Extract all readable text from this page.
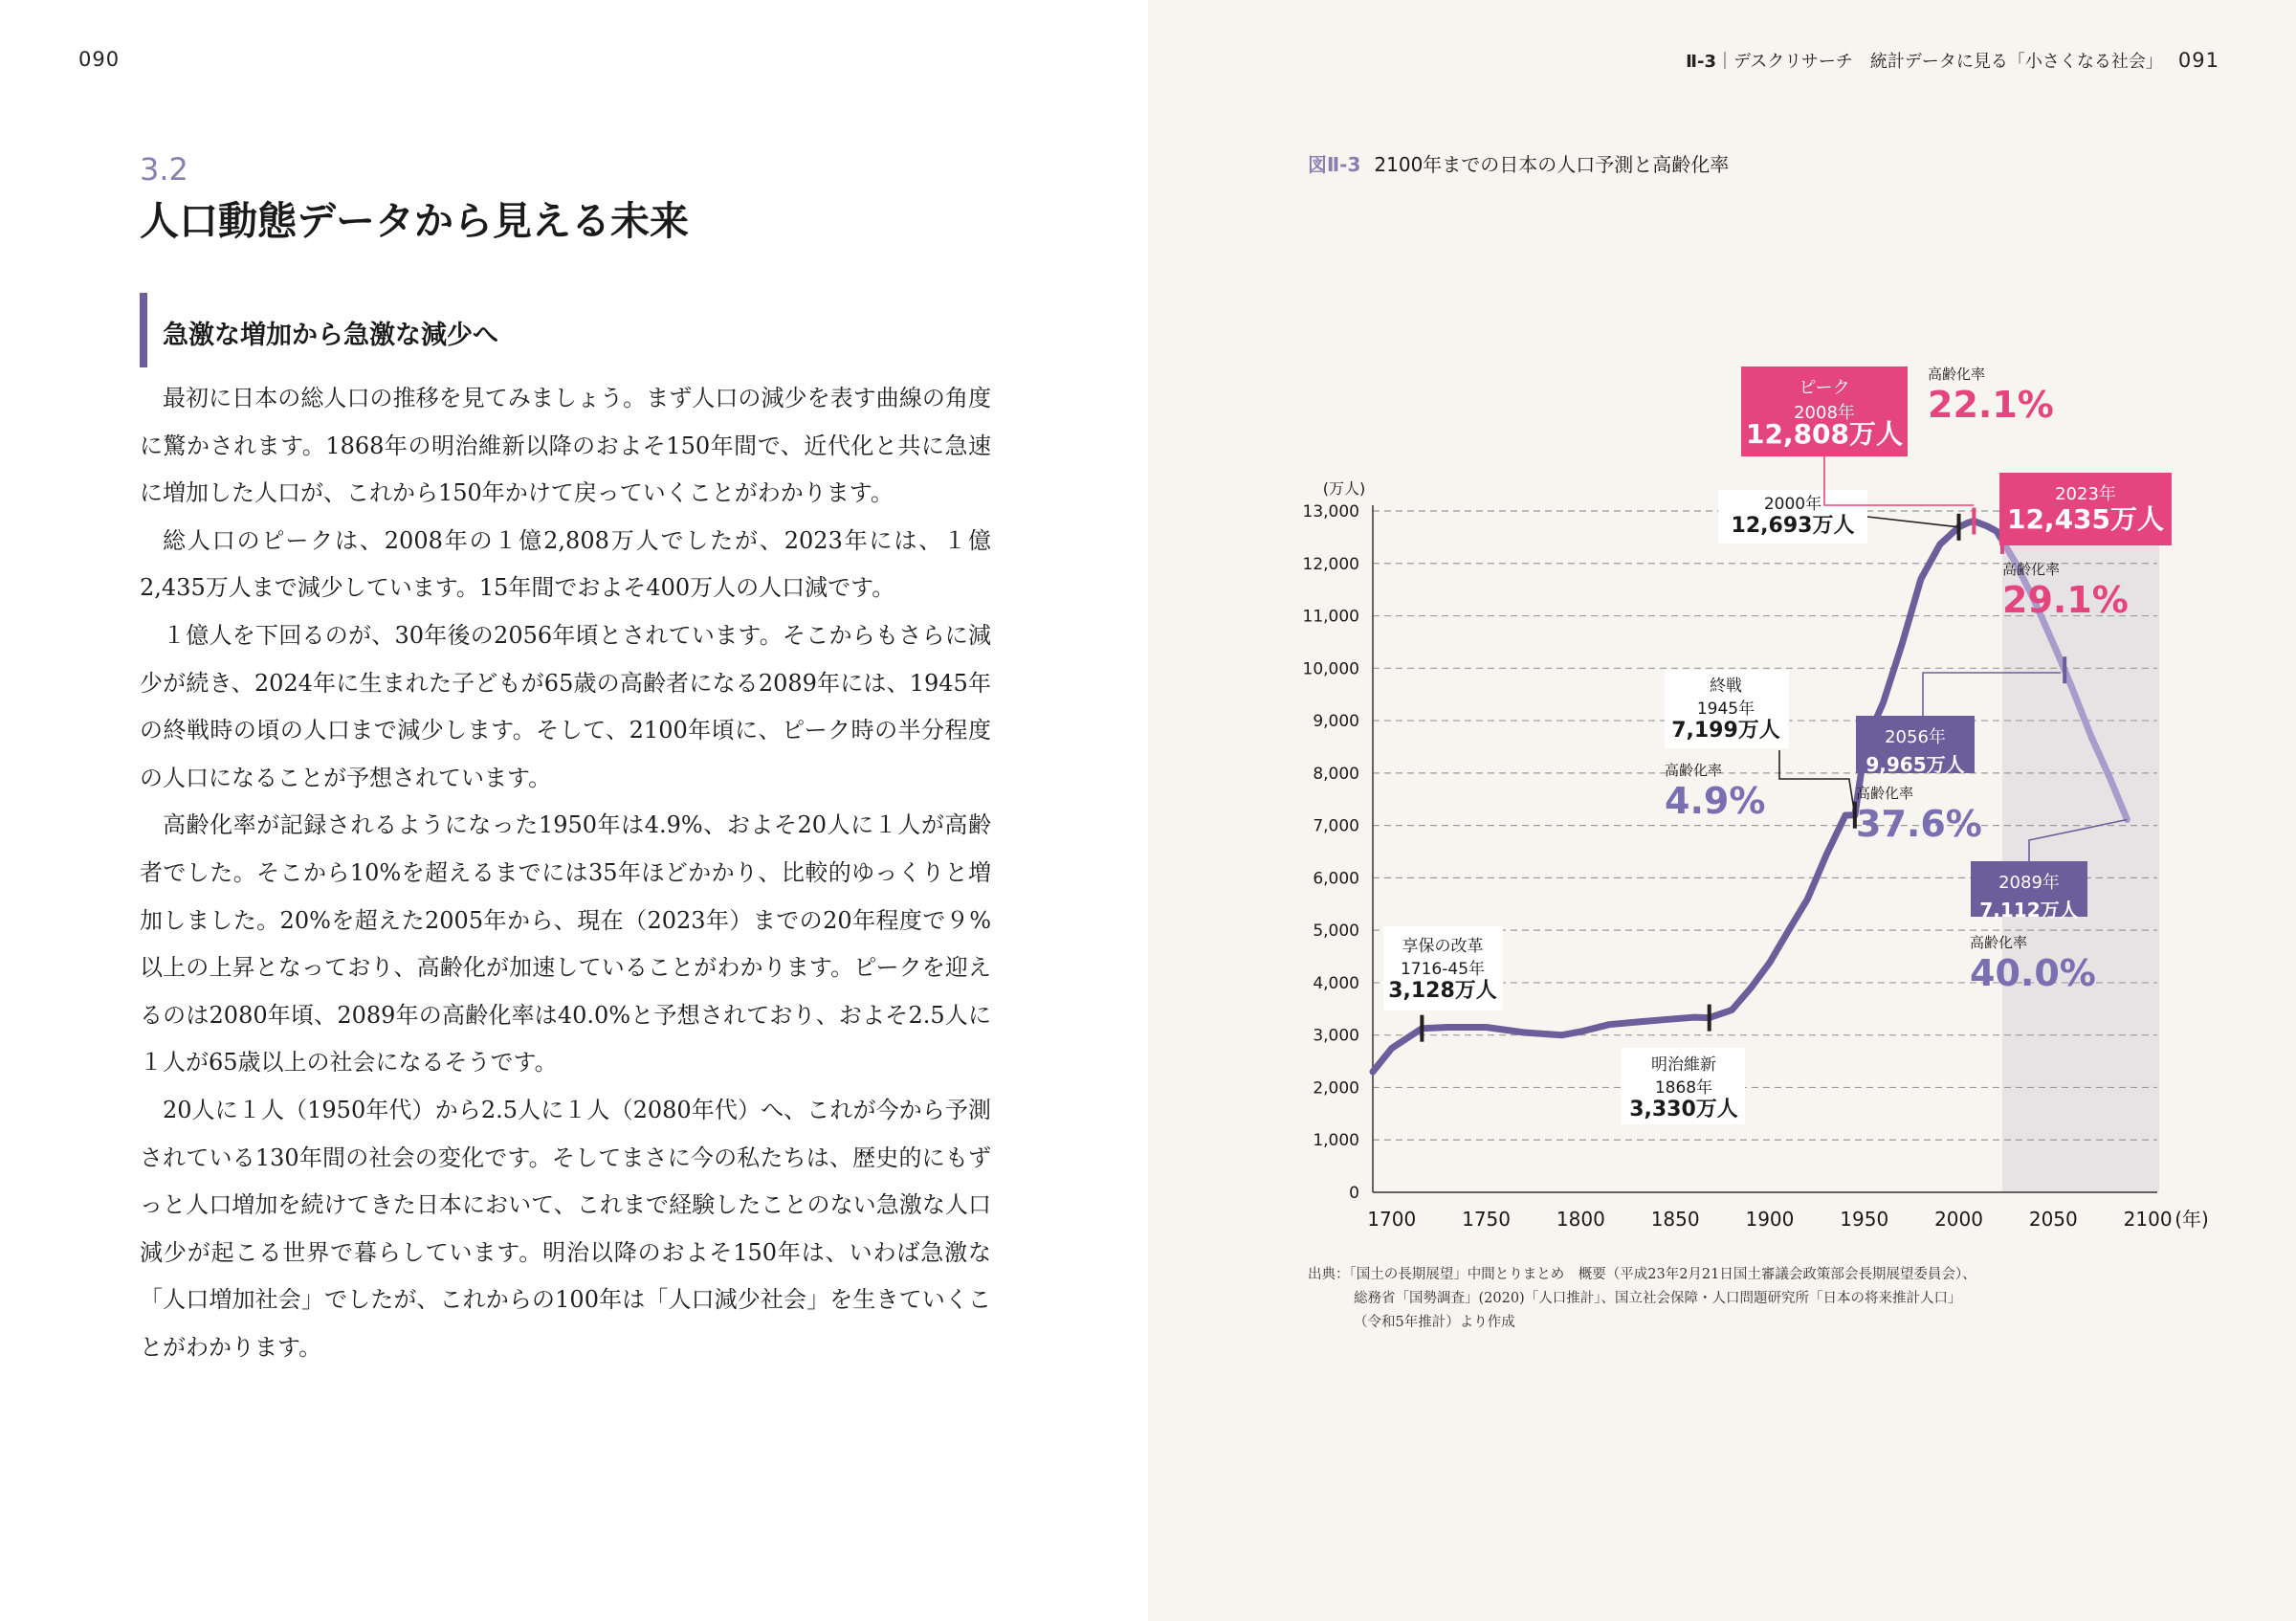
090
3.2
人口動態データから見える未来
急激な増加から急激な減少へ

最初に日本の総人口の推移を見てみましょう。まず人口の減少を表す曲線の角度に驚かされます。1868年の明治維新以降のおよそ150年間で、近代化と共に急速に増加した人口が、これから150年かけて戻っていくことがわかります。

総人口のピークは、2008年の１億2,808万人でしたが、2023年には、１億2,435万人まで減少しています。15年間でおよそ400万人の人口減です。

１億人を下回るのが、30年後の2056年頃とされています。そこからもさらに減少が続き、2024年に生まれた子どもが65歳の高齢者になる2089年には、1945年の終戦時の頃の人口まで減少します。そして、2100年頃に、ピーク時の半分程度の人口になることが予想されています。

高齢化率が記録されるようになった1950年は4.9%、およそ20人に１人が高齢者でした。そこから10%を超えるまでには35年ほどかかり、比較的ゆっくりと増加しました。20%を超えた2005年から、現在（2023年）までの20年程度で９%以上の上昇となっており、高齢化が加速していることがわかります。ピークを迎えるのは2080年頃、2089年の高齢化率は40.0%と予想されており、およそ2.5人に１人が65歳以上の社会になるそうです。

20人に１人（1950年代）から2.5人に１人（2080年代）へ、これが今から予測されている130年間の社会の変化です。そしてまさに今の私たちは、歴史的にもずっと人口増加を続けてきた日本において、これまで経験したことのない急激な人口減少が起こる世界で暮らしています。明治以降のおよそ150年は、いわば急激な「人口増加社会」でしたが、これからの100年は「人口減少社会」を生きていくことがわかります。

Ⅱ-3｜デスクリサーチ　統計データに見る「小さくなる社会」 091
図Ⅱ-3 2100年までの日本の人口予測と高齢化率
0
1,000
2,000
3,000
4,000
5,000
6,000
7,000
8,000
9,000
10,000
11,000
12,000
13,000
(万人)
1700 1750 1800 1850 1900 1950 2000 2050 2100 (年)
享保の改革
1716-45年
3,128万人
明治維新
1868年
3,330万人
終戦
1945年
7,199万人
2000年
12,693万人
ピーク
2008年
12,808万人
2023年
12,435万人
2056年
9,965万人
2089年
7,112万人
高齢化率
22.1%
高齢化率
29.1%
高齢化率
4.9%	高齢化率
37.6%
高齢化率
40.0%
出典：「国土の長期展望」中間とりまとめ　概要（平成23年2月21日国土審議会政策部会長期展望委員会）、
総務省「国勢調査」(2020)「人口推計」、国立社会保障・人口問題研究所「日本の将来推計人口」
（令和5年推計）より作成
